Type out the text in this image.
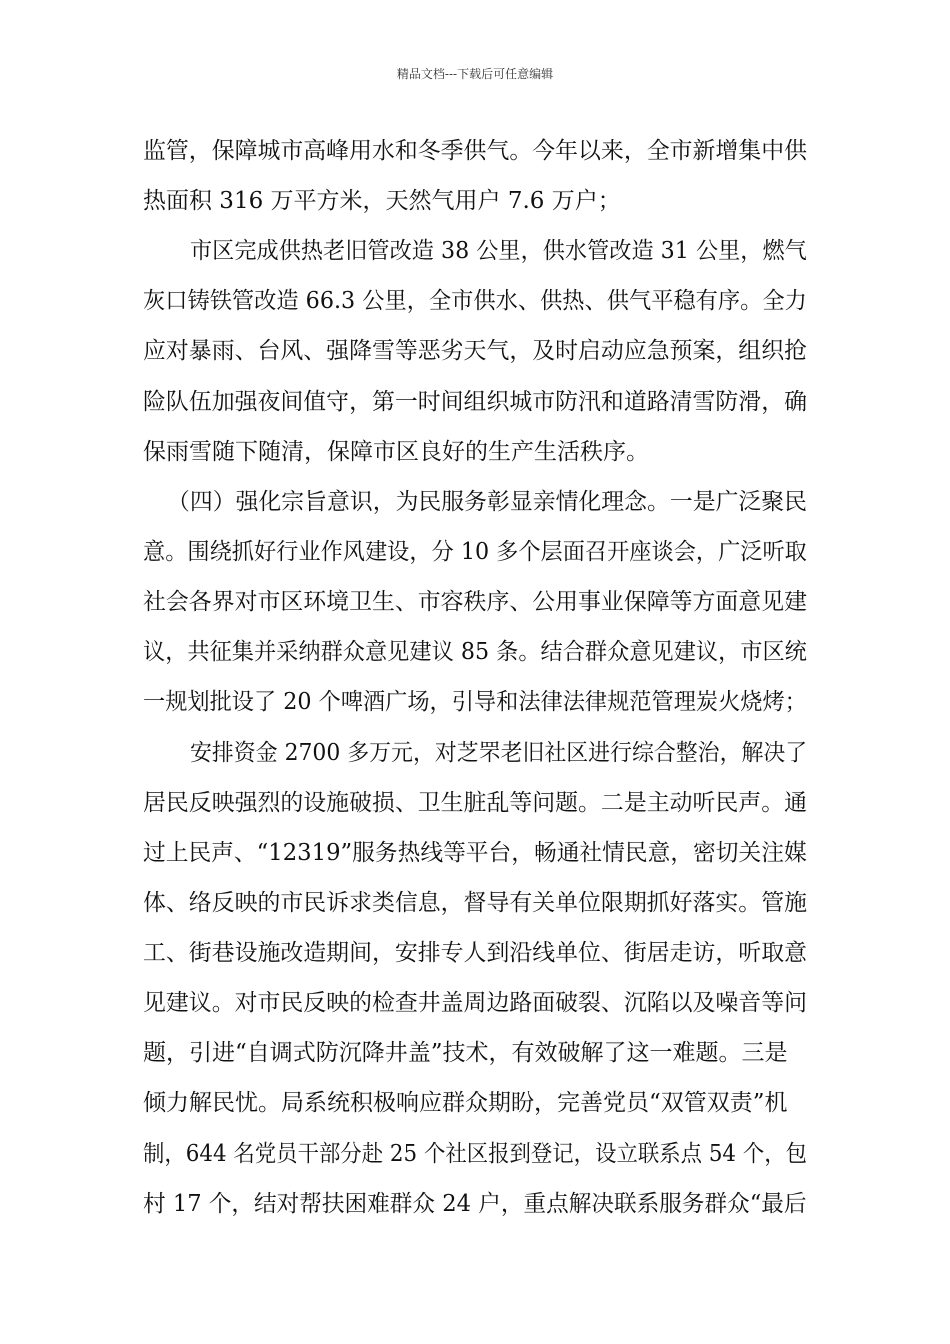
精品文档---下载后可任意编辑

监管，保障城市高峰用水和冬季供气。今年以来，全市新增集中供

热面积 316 万平方米，天然气用户 7.6 万户；

市区完成供热老旧管改造 38 公里，供水管改造 31 公里，燃气

灰口铸铁管改造 66.3 公里，全市供水、供热、供气平稳有序。全力

应对暴雨、台风、强降雪等恶劣天气，及时启动应急预案，组织抢

险队伍加强夜间值守，第一时间组织城市防汛和道路清雪防滑，确

保雨雪随下随清，保障市区良好的生产生活秩序。

（四）强化宗旨意识，为民服务彰显亲情化理念。一是广泛聚民

意。围绕抓好行业作风建设，分 10 多个层面召开座谈会，广泛听取

社会各界对市区环境卫生、市容秩序、公用事业保障等方面意见建

议，共征集并采纳群众意见建议 85 条。结合群众意见建议，市区统

一规划批设了 20 个啤酒广场，引导和法律法律规范管理炭火烧烤；

安排资金 2700 多万元，对芝罘老旧社区进行综合整治，解决了

居民反映强烈的设施破损、卫生脏乱等问题。二是主动听民声。通

过上民声、“12319”服务热线等平台，畅通社情民意，密切关注媒

体、络反映的市民诉求类信息，督导有关单位限期抓好落实。管施

工、街巷设施改造期间，安排专人到沿线单位、街居走访，听取意

见建议。对市民反映的检查井盖周边路面破裂、沉陷以及噪音等问

题，引进“自调式防沉降井盖”技术，有效破解了这一难题。三是

倾力解民忧。局系统积极响应群众期盼，完善党员“双管双责”机

制，644 名党员干部分赴 25 个社区报到登记，设立联系点 54 个，包

村 17 个，结对帮扶困难群众 24 户，重点解决联系服务群众“最后
